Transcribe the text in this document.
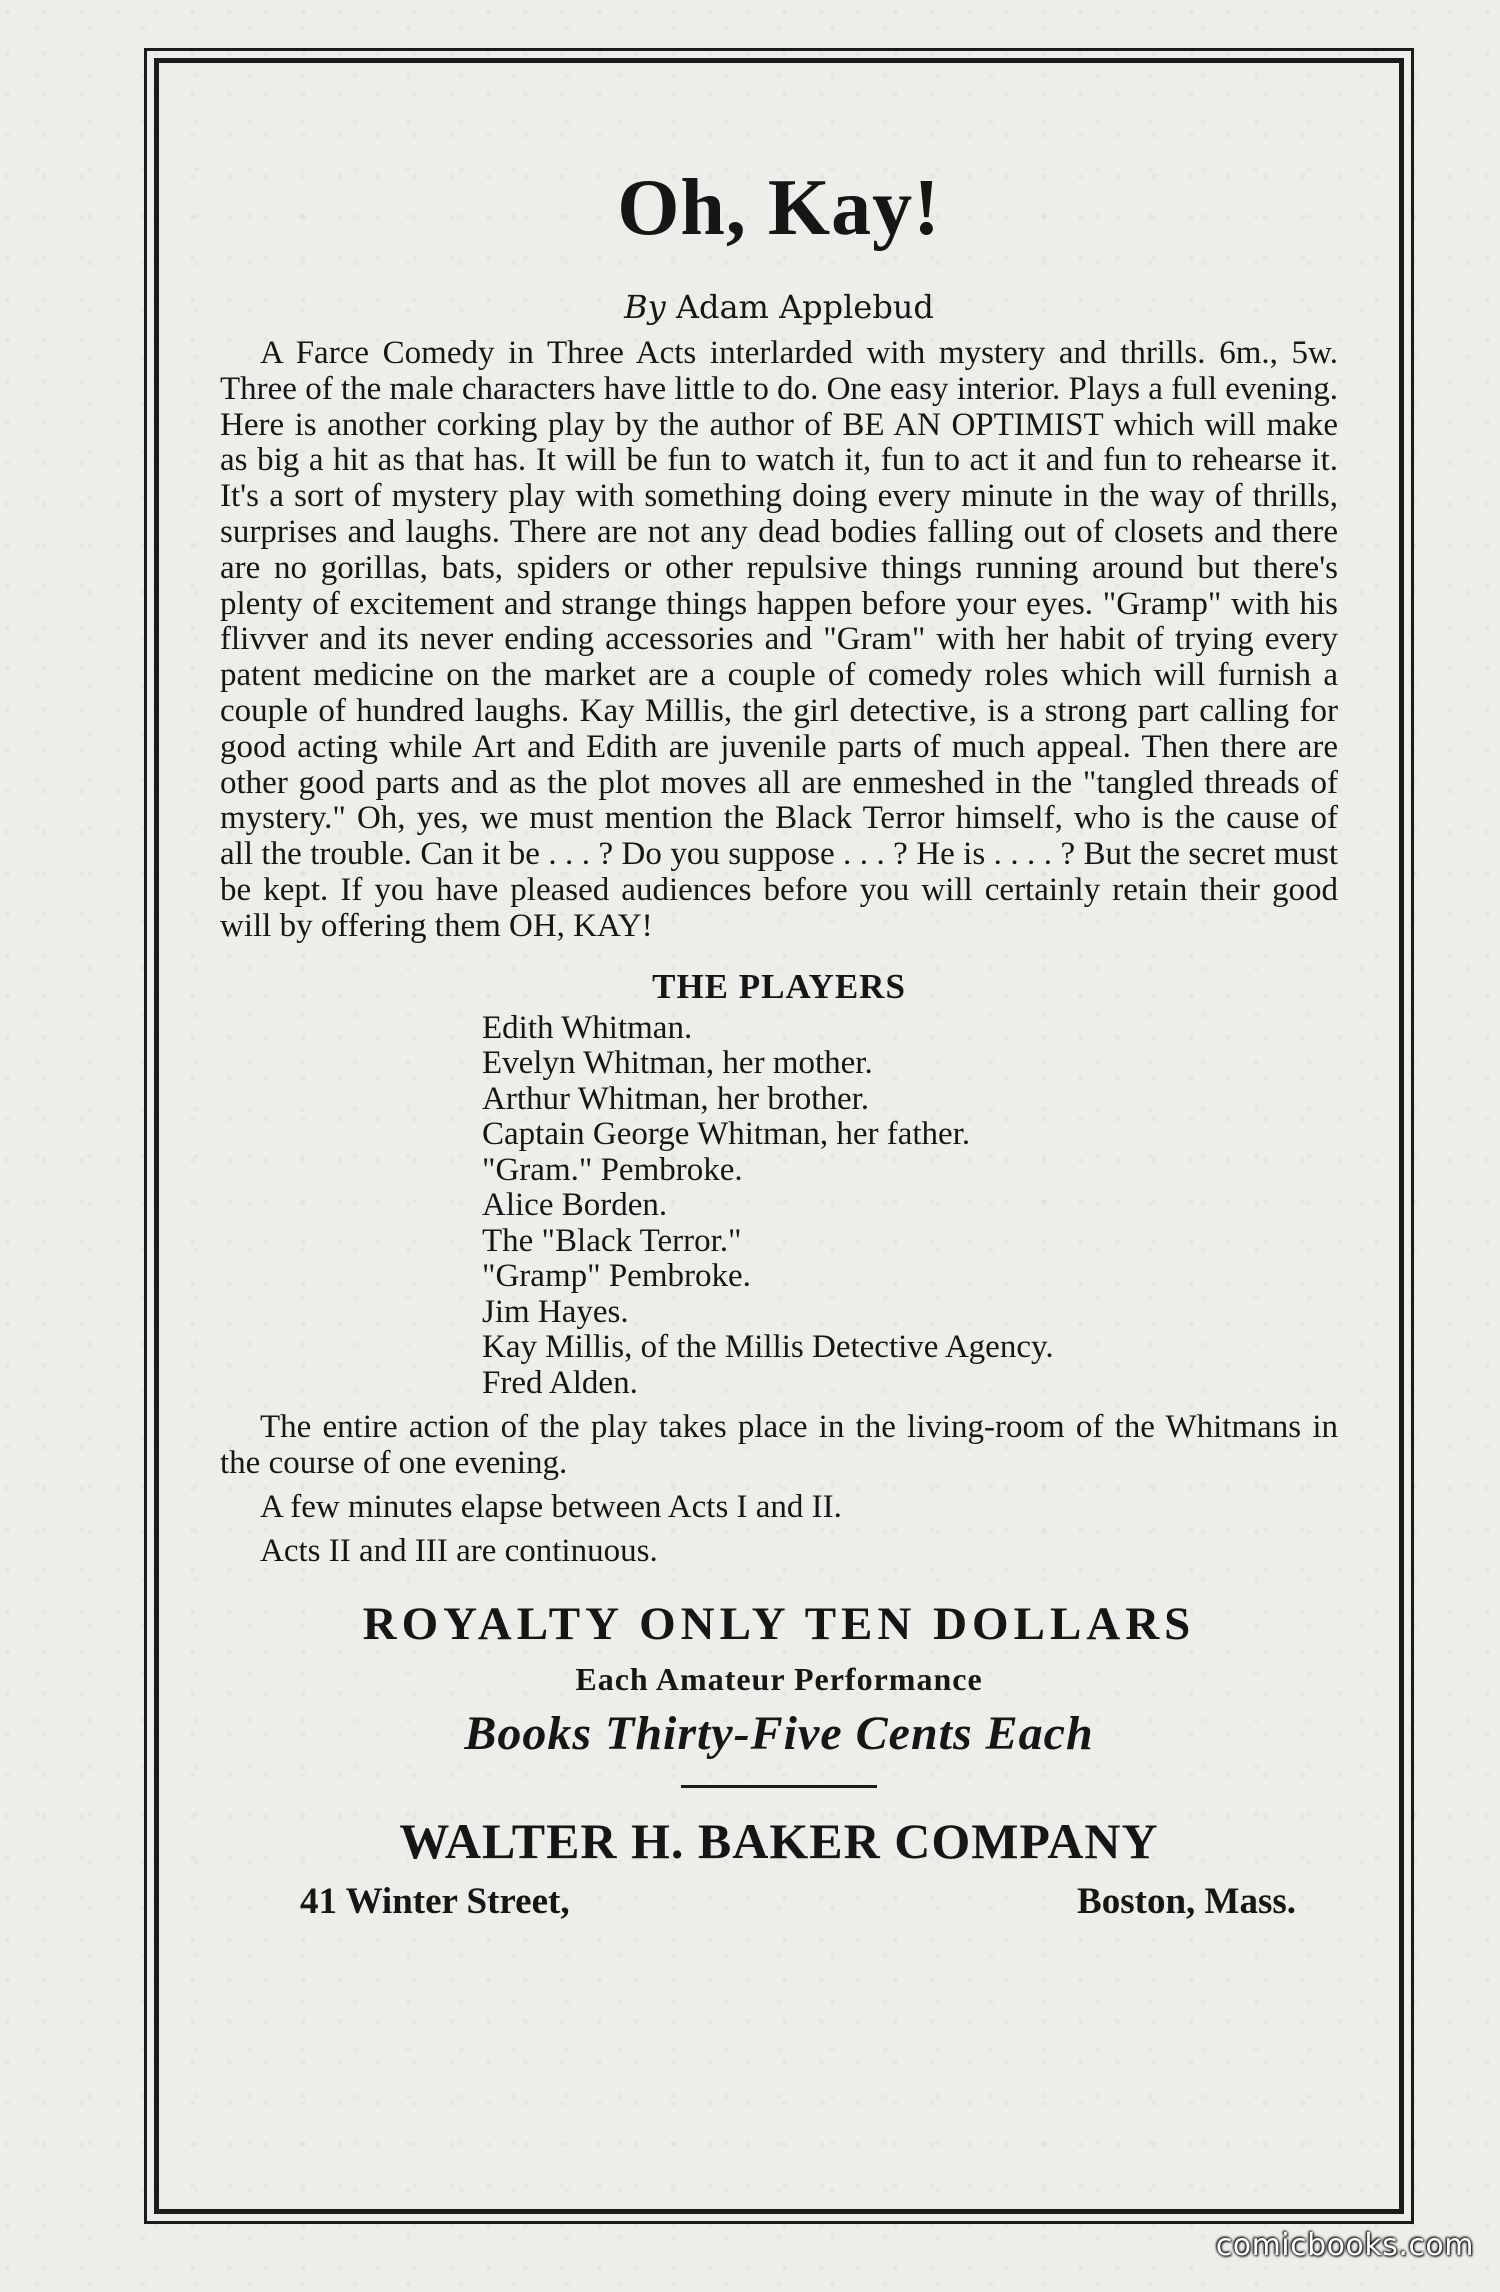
Oh, Kay!
By Adam Applebud

A Farce Comedy in Three Acts interlarded with mystery and thrills. 6m., 5w. Three of the male characters have little to do. One easy interior. Plays a full evening. Here is another corking play by the author of BE AN OPTIMIST which will make as big a hit as that has. It will be fun to watch it, fun to act it and fun to rehearse it. It's a sort of mystery play with something doing every minute in the way of thrills, surprises and laughs. There are not any dead bodies falling out of closets and there are no gorillas, bats, spiders or other repulsive things running around but there's plenty of excitement and strange things happen before your eyes. "Gramp" with his flivver and its never ending accessories and "Gram" with her habit of trying every patent medicine on the market are a couple of comedy roles which will furnish a couple of hundred laughs. Kay Millis, the girl detective, is a strong part calling for good acting while Art and Edith are juvenile parts of much appeal. Then there are other good parts and as the plot moves all are enmeshed in the "tangled threads of mystery." Oh, yes, we must mention the Black Terror himself, who is the cause of all the trouble. Can it be . . . ? Do you suppose . . . ? He is . . . . ? But the secret must be kept. If you have pleased audiences before you will certainly retain their good will by offering them OH, KAY!

THE PLAYERS
Edith Whitman.
Evelyn Whitman, her mother.
Arthur Whitman, her brother.
Captain George Whitman, her father.
"Gram." Pembroke.
Alice Borden.
The "Black Terror."
"Gramp" Pembroke.
Jim Hayes.
Kay Millis, of the Millis Detective Agency.
Fred Alden.

The entire action of the play takes place in the living-room of the Whitmans in the course of one evening.

A few minutes elapse between Acts I and II.
Acts II and III are continuous.
ROYALTY ONLY TEN DOLLARS
Each Amateur Performance
Books Thirty-Five Cents Each
WALTER H. BAKER COMPANY
41 Winter Street,	Boston, Mass.
comicbooks.com
